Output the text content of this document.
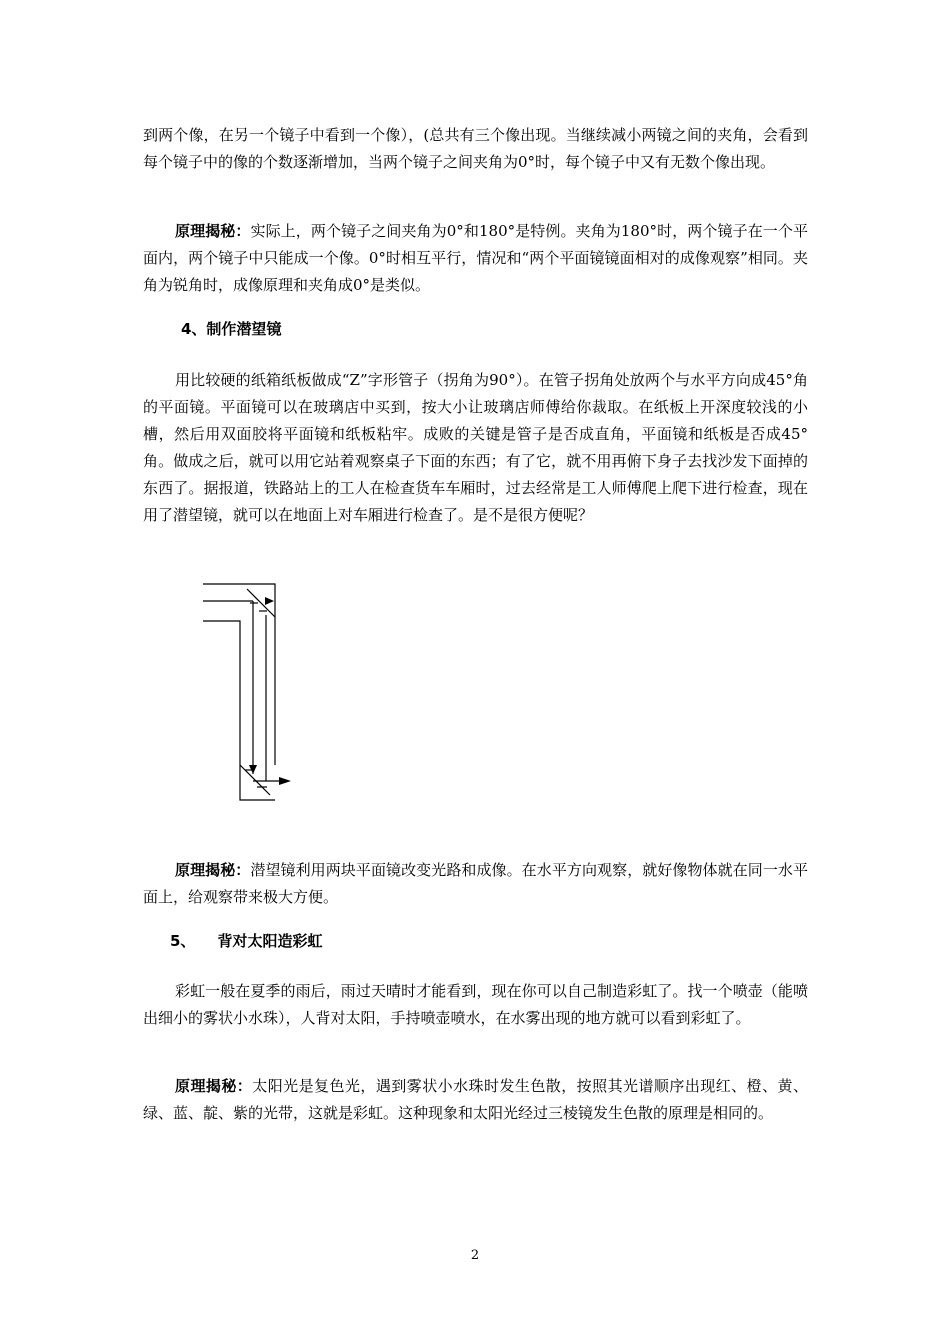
到两个像，在另一个镜子中看到一个像），(总共有三个像出现。当继续减小两镜之间的夹角，会看到每个镜子中的像的个数逐渐增加，当两个镜子之间夹角为0°时，每个镜子中又有无数个像出现。

原理揭秘：实际上，两个镜子之间夹角为0°和180°是特例。夹角为180°时，两个镜子在一个平面内，两个镜子中只能成一个像。0°时相互平行，情况和“两个平面镜镜面相对的成像观察”相同。夹角为锐角时，成像原理和夹角成0°是类似。

4、制作潜望镜

用比较硬的纸箱纸板做成“Z”字形管子（拐角为90°）。在管子拐角处放两个与水平方向成45°角的平面镜。平面镜可以在玻璃店中买到，按大小让玻璃店师傅给你裁取。在纸板上开深度较浅的小槽，然后用双面胶将平面镜和纸板粘牢。成败的关键是管子是否成直角，平面镜和纸板是否成45°角。做成之后，就可以用它站着观察桌子下面的东西；有了它，就不用再俯下身子去找沙发下面掉的东西了。据报道，铁路站上的工人在检查货车车厢时，过去经常是工人师傅爬上爬下进行检查，现在用了潜望镜，就可以在地面上对车厢进行检查了。是不是很方便呢？

原理揭秘：潜望镜利用两块平面镜改变光路和成像。在水平方向观察，就好像物体就在同一水平面上，给观察带来极大方便。

5、 背对太阳造彩虹

彩虹一般在夏季的雨后，雨过天晴时才能看到，现在你可以自己制造彩虹了。找一个喷壶（能喷出细小的雾状小水珠），人背对太阳，手持喷壶喷水，在水雾出现的地方就可以看到彩虹了。

原理揭秘：太阳光是复色光，遇到雾状小水珠时发生色散，按照其光谱顺序出现红、橙、黄、绿、蓝、靛、紫的光带，这就是彩虹。这种现象和太阳光经过三棱镜发生色散的原理是相同的。

2
